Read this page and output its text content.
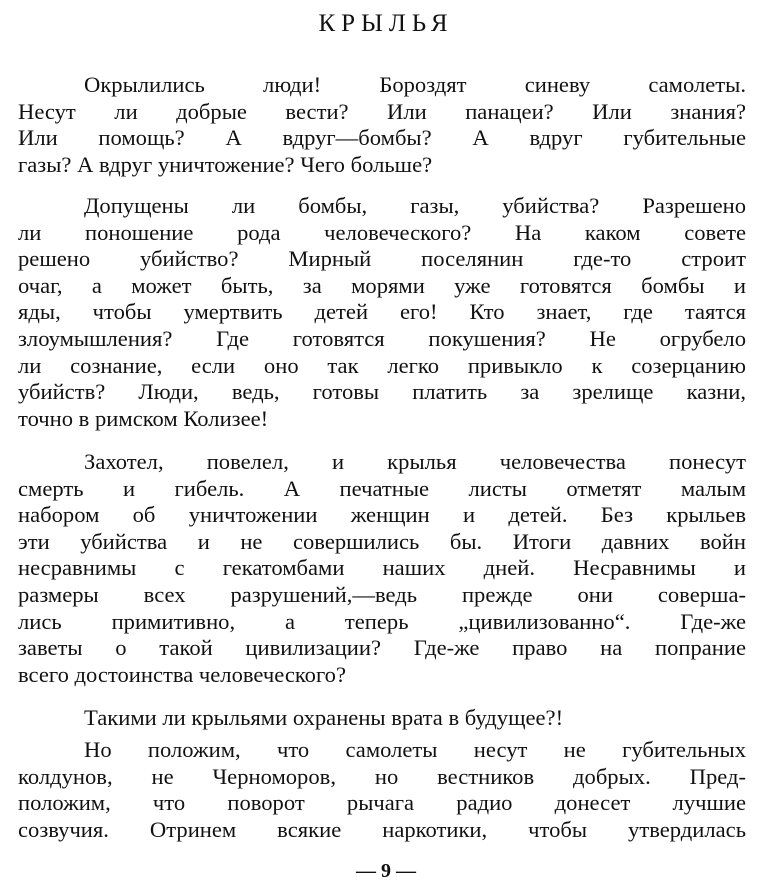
КРЫЛЬЯ
Окрылились люди! Бороздят синеву самолеты.
Несут ли добрые вести? Или панацеи? Или знания?
Или помощь? А вдруг—бомбы? А вдруг губительные
газы? А вдруг уничтожение? Чего больше?
Допущены ли бомбы, газы, убийства? Разрешено
ли поношение рода человеческого? На каком совете
решено убийство? Мирный поселянин где-то строит
очаг, а может быть, за морями уже готовятся бомбы и
яды, чтобы умертвить детей его! Кто знает, где таятся
злоумышления? Где готовятся покушения? Не огрубело
ли сознание, если оно так легко привыкло к созерцанию
убийств? Люди, ведь, готовы платить за зрелище казни,
точно в римском Колизее!
Захотел, повелел, и крылья человечества понесут
смерть и гибель. А печатные листы отметят малым
набором об уничтожении женщин и детей. Без крыльев
эти убийства и не совершились бы. Итоги давних войн
несравнимы с гекатомбами наших дней. Несравнимы и
размеры всех разрушений,—ведь прежде они соверша-
лись примитивно, а теперь „цивилизованно“. Где-же
заветы о такой цивилизации? Где-же право на попрание
всего достоинства человеческого?
Такими ли крыльями охранены врата в будущее?!
Но положим, что самолеты несут не губительных
колдунов, не Черноморов, но вестников добрых. Пред-
положим, что поворот рычага радио донесет лучшие
созвучия. Отринем всякие наркотики, чтобы утвердилась
— 9 —
